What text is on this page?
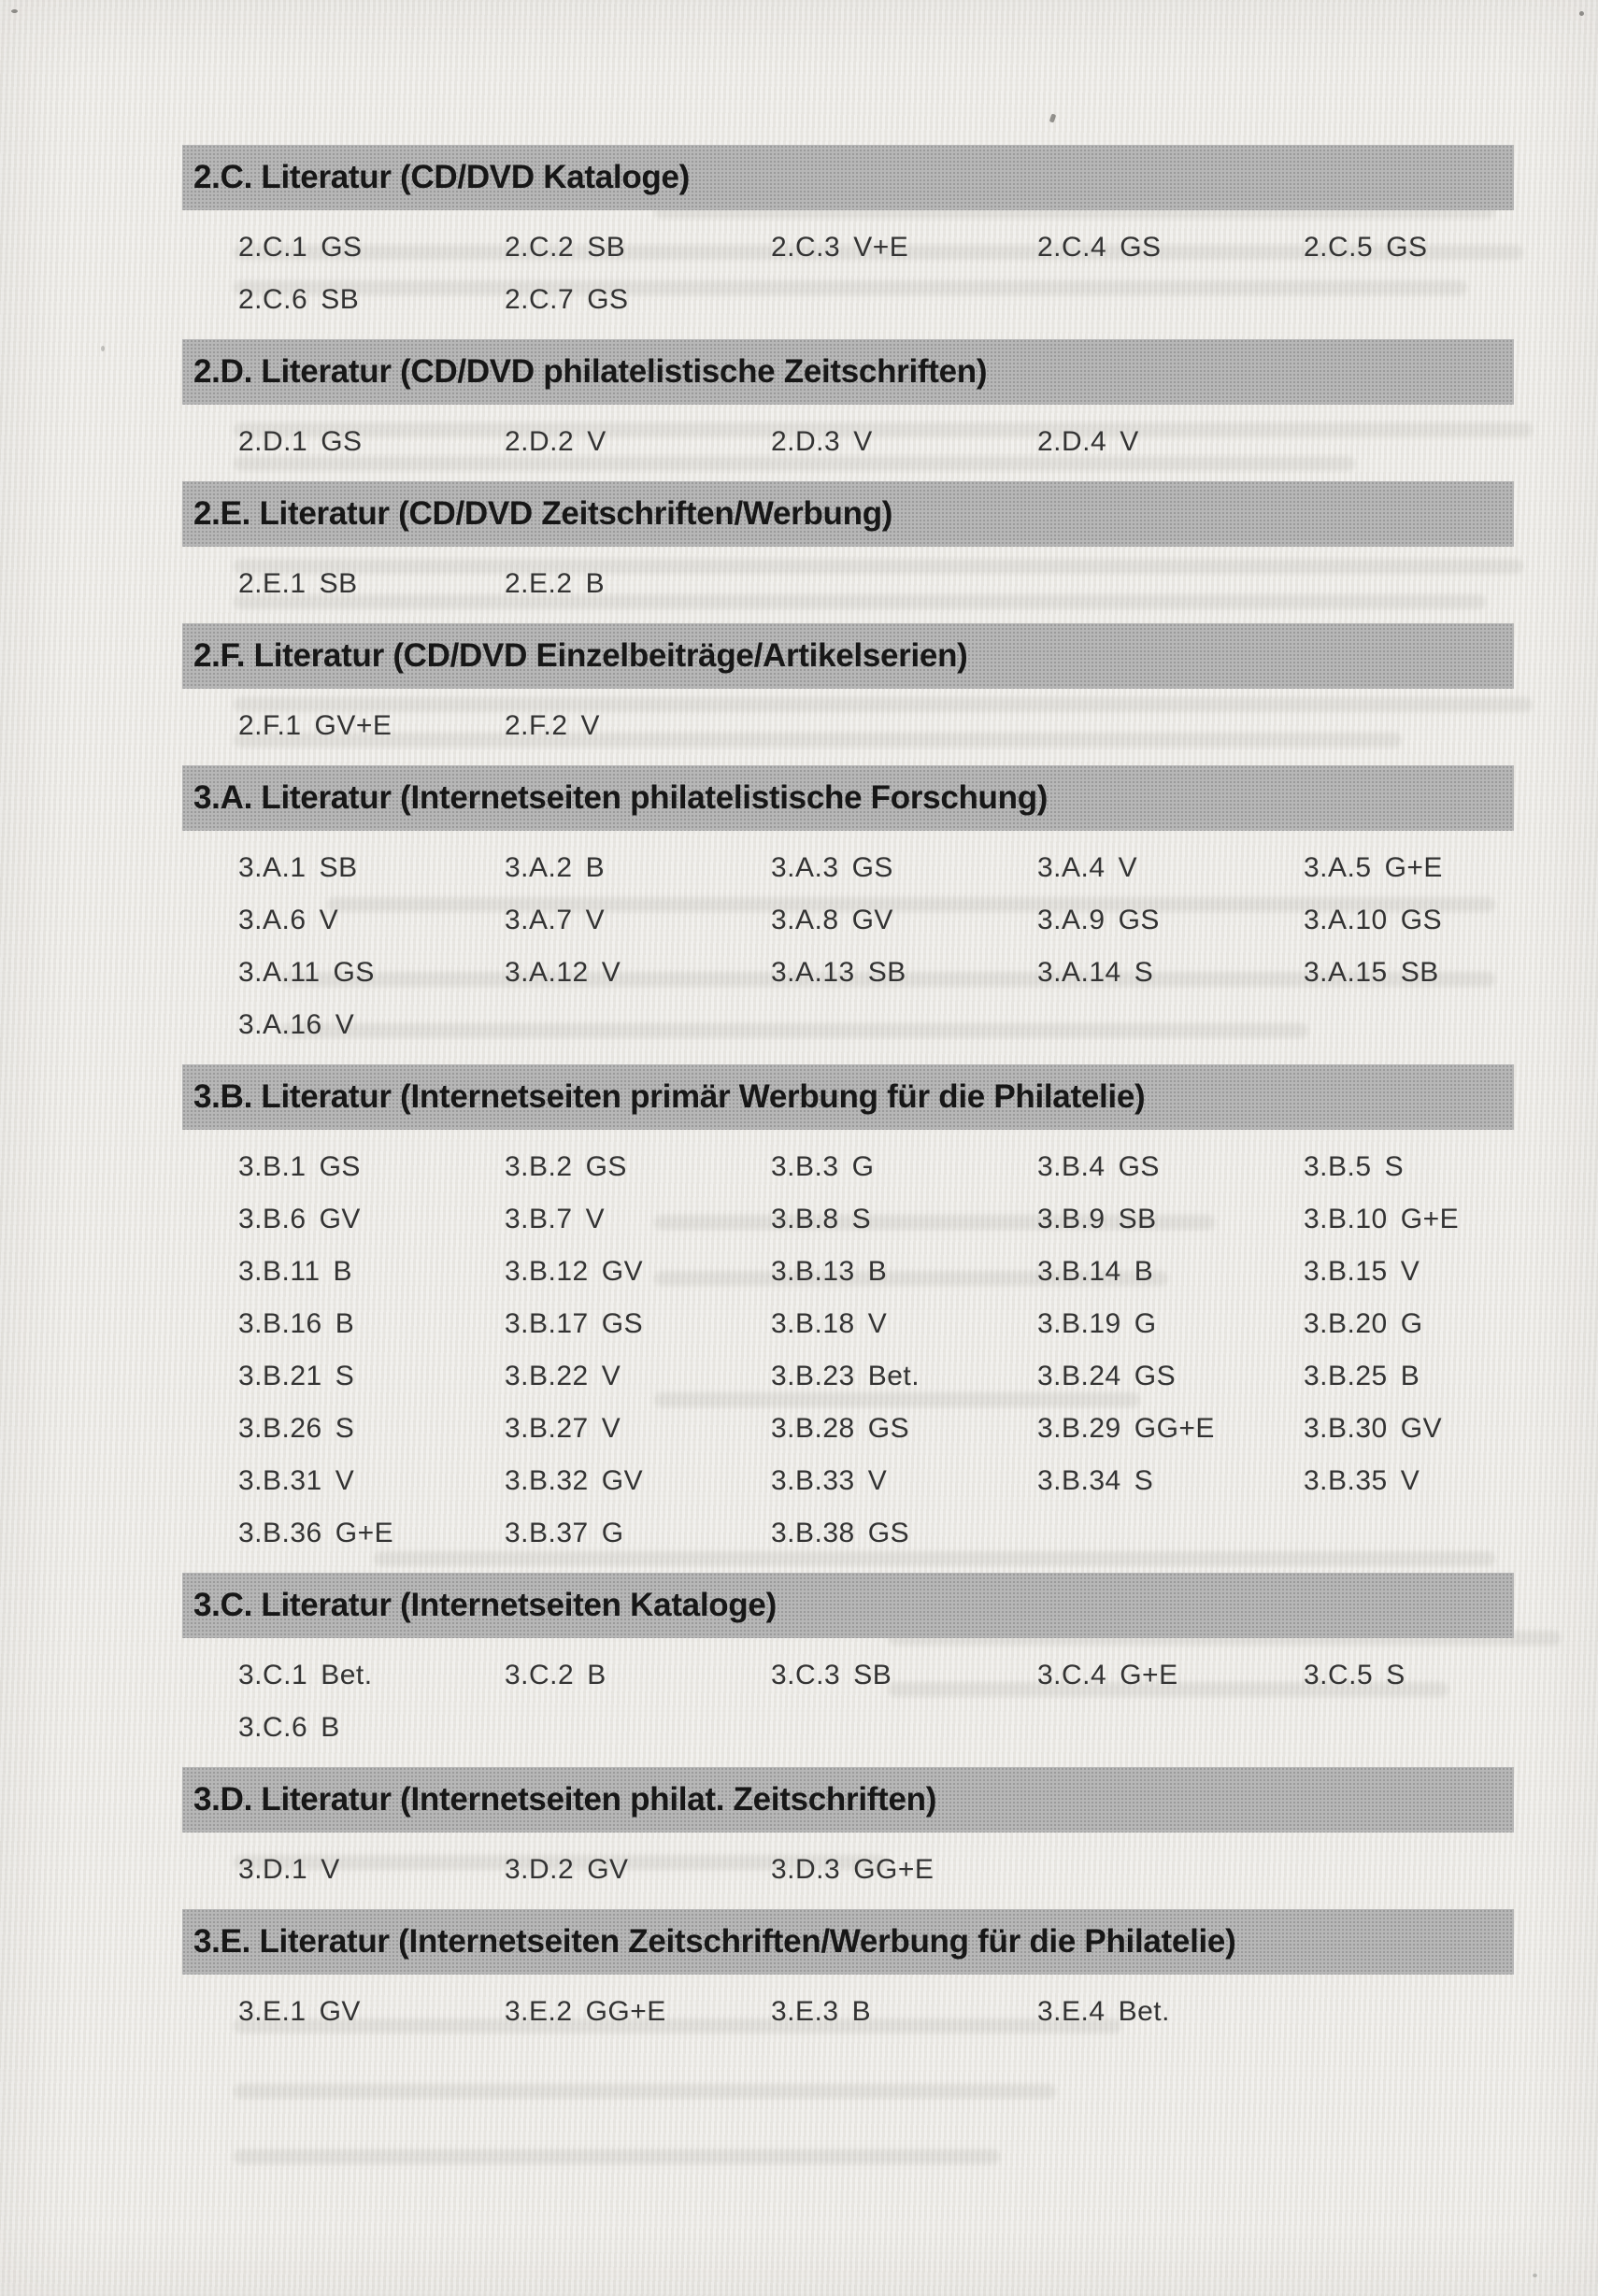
2.C. Literatur (CD/DVD Kataloge)
2.C.1 GS	2.C.2 SB	2.C.3 V+E	2.C.4 GS	2.C.5 GS
2.C.6 SB	2.C.7 GS
2.D. Literatur (CD/DVD philatelistische Zeitschriften)
2.D.1 GS	2.D.2 V	2.D.3 V	2.D.4 V
2.E. Literatur (CD/DVD Zeitschriften/Werbung)
2.E.1 SB	2.E.2 B
2.F. Literatur (CD/DVD Einzelbeiträge/Artikelserien)
2.F.1 GV+E	2.F.2 V
3.A. Literatur (Internetseiten philatelistische Forschung)
3.A.1 SB	3.A.2 B	3.A.3 GS	3.A.4 V	3.A.5 G+E
3.A.6 V	3.A.7 V	3.A.8 GV	3.A.9 GS	3.A.10 GS
3.A.11 GS	3.A.12 V	3.A.13 SB	3.A.14 S	3.A.15 SB
3.A.16 V
3.B. Literatur (Internetseiten primär Werbung für die Philatelie)
3.B.1 GS	3.B.2 GS	3.B.3 G	3.B.4 GS	3.B.5 S
3.B.6 GV	3.B.7 V	3.B.8 S	3.B.9 SB	3.B.10 G+E
3.B.11 B	3.B.12 GV	3.B.13 B	3.B.14 B	3.B.15 V
3.B.16 B	3.B.17 GS	3.B.18 V	3.B.19 G	3.B.20 G
3.B.21 S	3.B.22 V	3.B.23 Bet.	3.B.24 GS	3.B.25 B
3.B.26 S	3.B.27 V	3.B.28 GS	3.B.29 GG+E	3.B.30 GV
3.B.31 V	3.B.32 GV	3.B.33 V	3.B.34 S	3.B.35 V
3.B.36 G+E	3.B.37 G	3.B.38 GS
3.C. Literatur (Internetseiten Kataloge)
3.C.1 Bet.	3.C.2 B	3.C.3 SB	3.C.4 G+E	3.C.5 S
3.C.6 B
3.D. Literatur (Internetseiten philat. Zeitschriften)
3.D.1 V	3.D.2 GV	3.D.3 GG+E
3.E. Literatur (Internetseiten Zeitschriften/Werbung für die Philatelie)
3.E.1 GV	3.E.2 GG+E	3.E.3 B	3.E.4 Bet.
